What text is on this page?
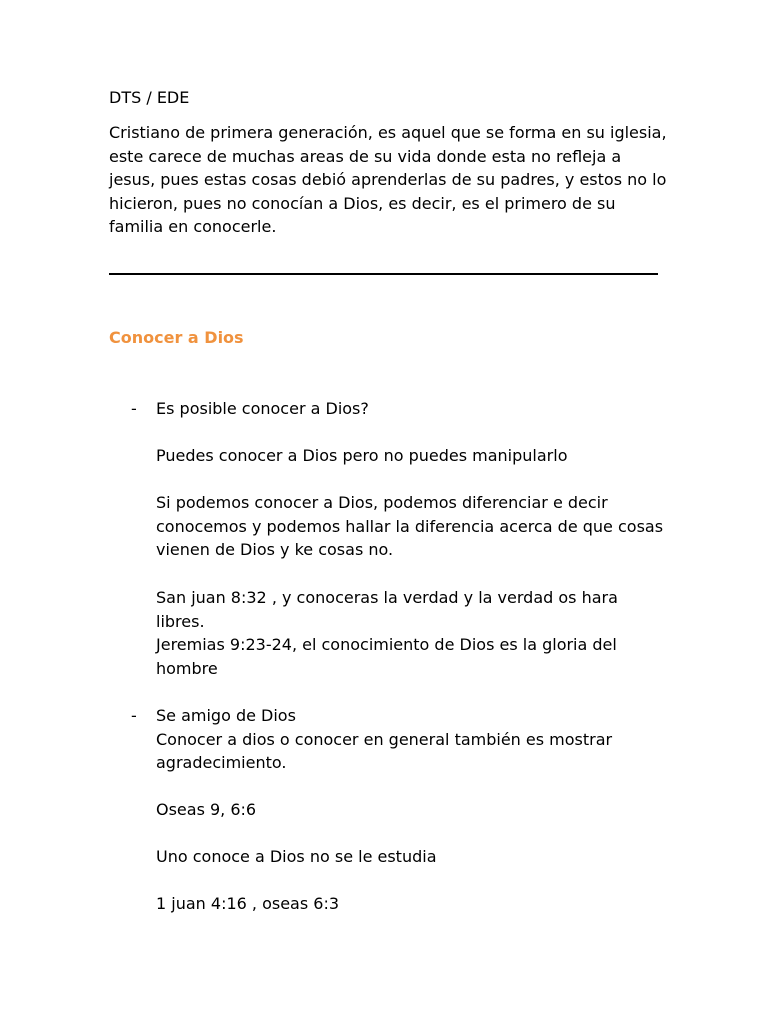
DTS / EDE

Cristiano de primera generación, es aquel que se forma en su iglesia, este carece de muchas areas de su vida donde esta no refleja a jesus, pues estas cosas debió aprenderlas de su padres, y estos no lo hicieron, pues no conocían a Dios, es decir, es el primero de su familia en conocerle.

Conocer a Dios

- Es posible conocer a Dios?

Puedes conocer a Dios pero no puedes manipularlo

Si podemos conocer a Dios, podemos diferenciar e decir conocemos y podemos hallar la diferencia acerca de que cosas vienen de Dios y ke cosas no.

San juan 8:32 , y conoceras la verdad y la verdad os hara libres.

Jeremias 9:23-24, el conocimiento de Dios es la gloria del hombre

- Se amigo de Dios

Conocer a dios o conocer en general también es mostrar agradecimiento.

Oseas 9, 6:6

Uno conoce a Dios no se le estudia

1 juan 4:16 , oseas 6:3
